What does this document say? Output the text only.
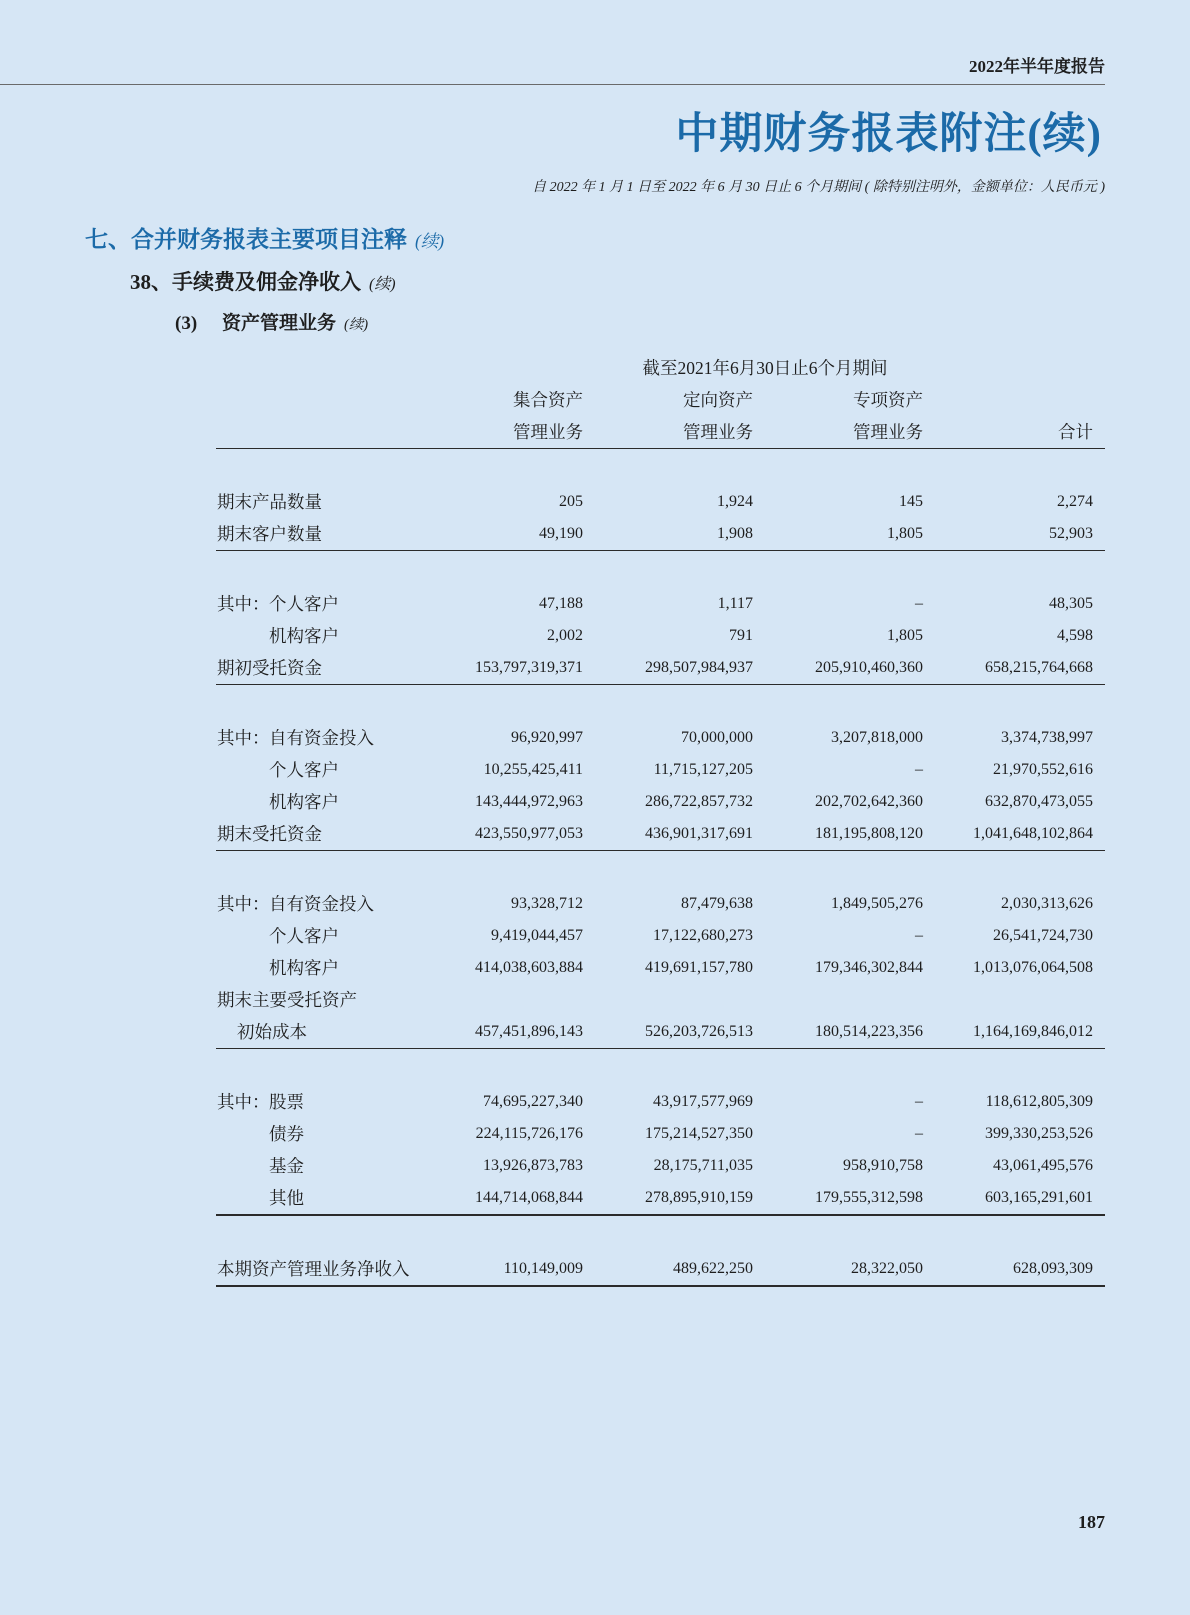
2022年半年度报告
中期财务报表附注(续)
自 2022 年 1 月 1 日至 2022 年 6 月 30 日止 6 个月期间 ( 除特别注明外，金额单位：人民币元 )
七、合并财务报表主要项目注释 (续)
38、手续费及佣金净收入 (续)
(3) 资产管理业务 (续)
	截至2021年6月30日止6个月期间			
	集合资产	定向资产	专项资产	
	管理业务	管理业务	管理业务	合计

期末产品数量	205	1,924	145	2,274
期末客户数量	49,190	1,908	1,805	52,903

其中：个人客户	47,188	1,117	–	48,305
机构客户	2,002	791	1,805	4,598
期初受托资金	153,797,319,371	298,507,984,937	205,910,460,360	658,215,764,668

其中：自有资金投入	96,920,997	70,000,000	3,207,818,000	3,374,738,997
个人客户	10,255,425,411	11,715,127,205	–	21,970,552,616
机构客户	143,444,972,963	286,722,857,732	202,702,642,360	632,870,473,055
期末受托资金	423,550,977,053	436,901,317,691	181,195,808,120	1,041,648,102,864

其中：自有资金投入	93,328,712	87,479,638	1,849,505,276	2,030,313,626
个人客户	9,419,044,457	17,122,680,273	–	26,541,724,730
机构客户	414,038,603,884	419,691,157,780	179,346,302,844	1,013,076,064,508

期末主要受托资产
初始成本	457,451,896,143	526,203,726,513	180,514,223,356	1,164,169,846,012

其中：股票	74,695,227,340	43,917,577,969	–	118,612,805,309
债券	224,115,726,176	175,214,527,350	–	399,330,253,526
基金	13,926,873,783	28,175,711,035	958,910,758	43,061,495,576
其他	144,714,068,844	278,895,910,159	179,555,312,598	603,165,291,601

本期资产管理业务净收入	110,149,009	489,622,250	28,322,050	628,093,309
187
